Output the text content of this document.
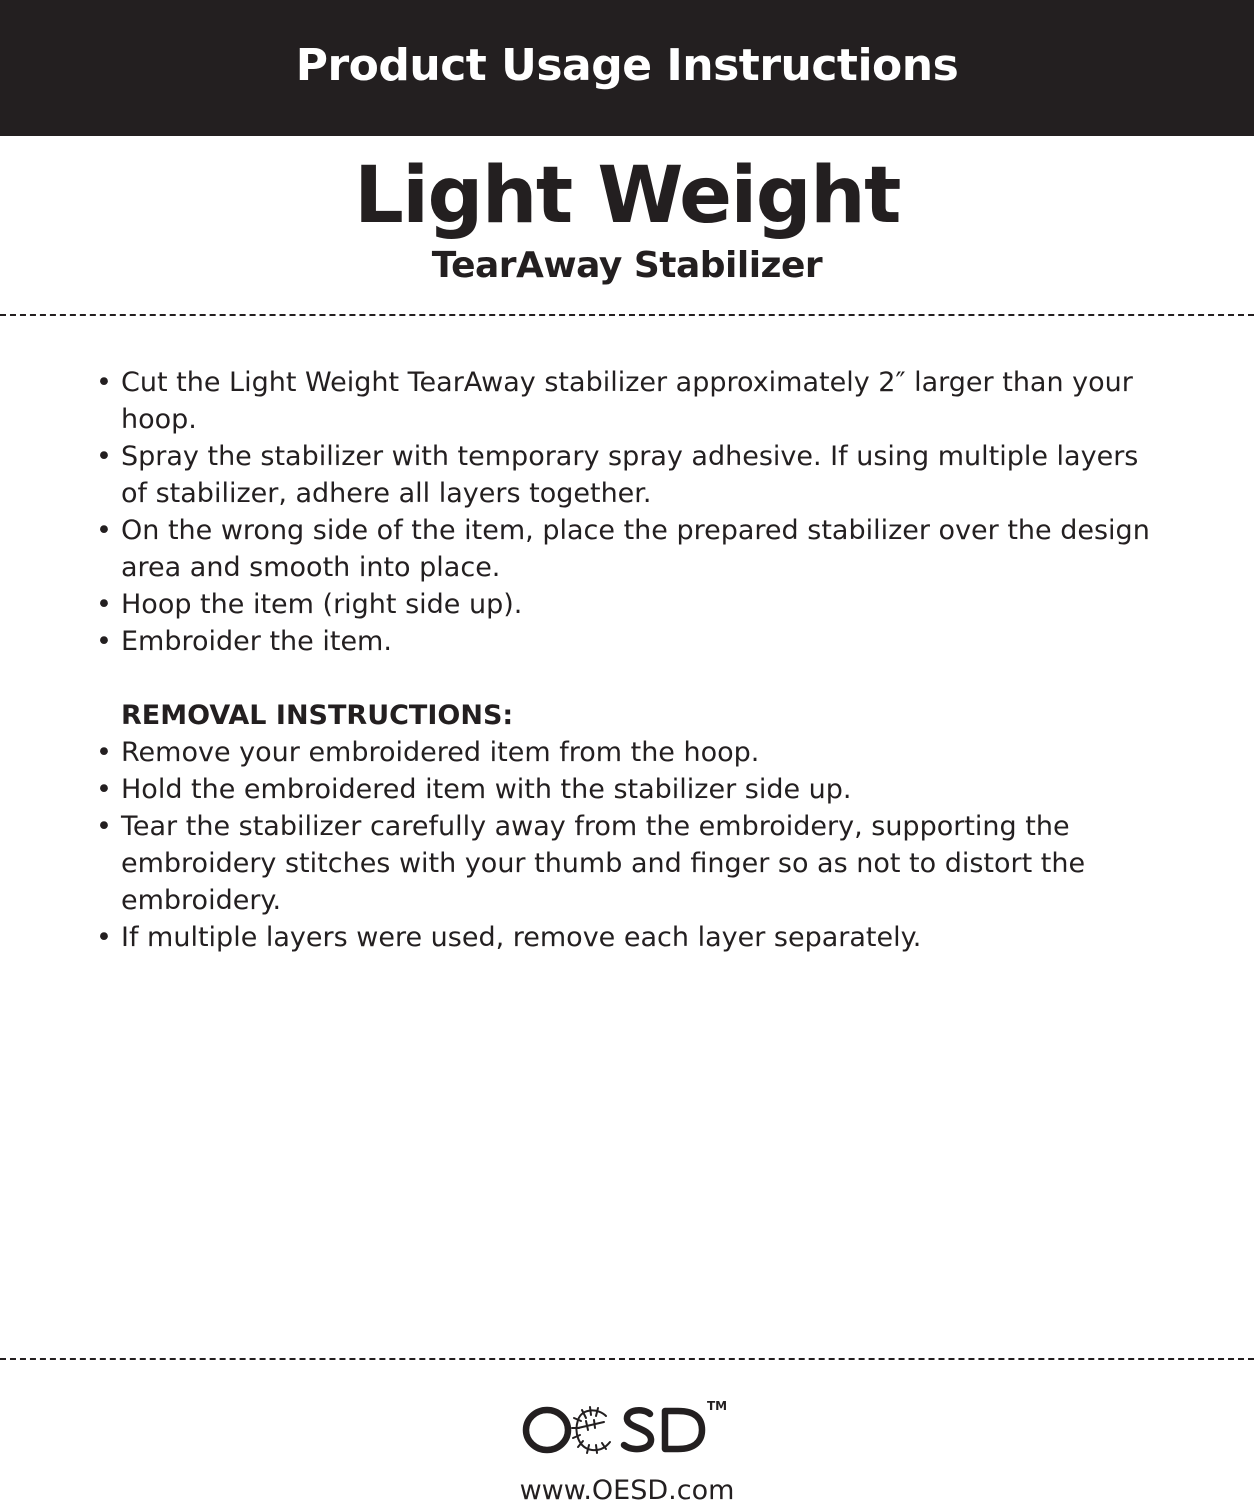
Product Usage Instructions
Light Weight
TearAway Stabilizer
• Cut the Light Weight TearAway stabilizer approximately 2″ larger than your hoop.
• Spray the stabilizer with temporary spray adhesive. If using multiple layers of stabilizer, adhere all layers together.
• On the wrong side of the item, place the prepared stabilizer over the design area and smooth into place.
• Hoop the item (right side up).
• Embroider the item.
REMOVAL INSTRUCTIONS:
• Remove your embroidered item from the hoop.
• Hold the embroidered item with the stabilizer side up.
• Tear the stabilizer carefully away from the embroidery, supporting the embroidery stitches with your thumb and finger so as not to distort the embroidery.
• If multiple layers were used, remove each layer separately.
TM
www.OESD.com
